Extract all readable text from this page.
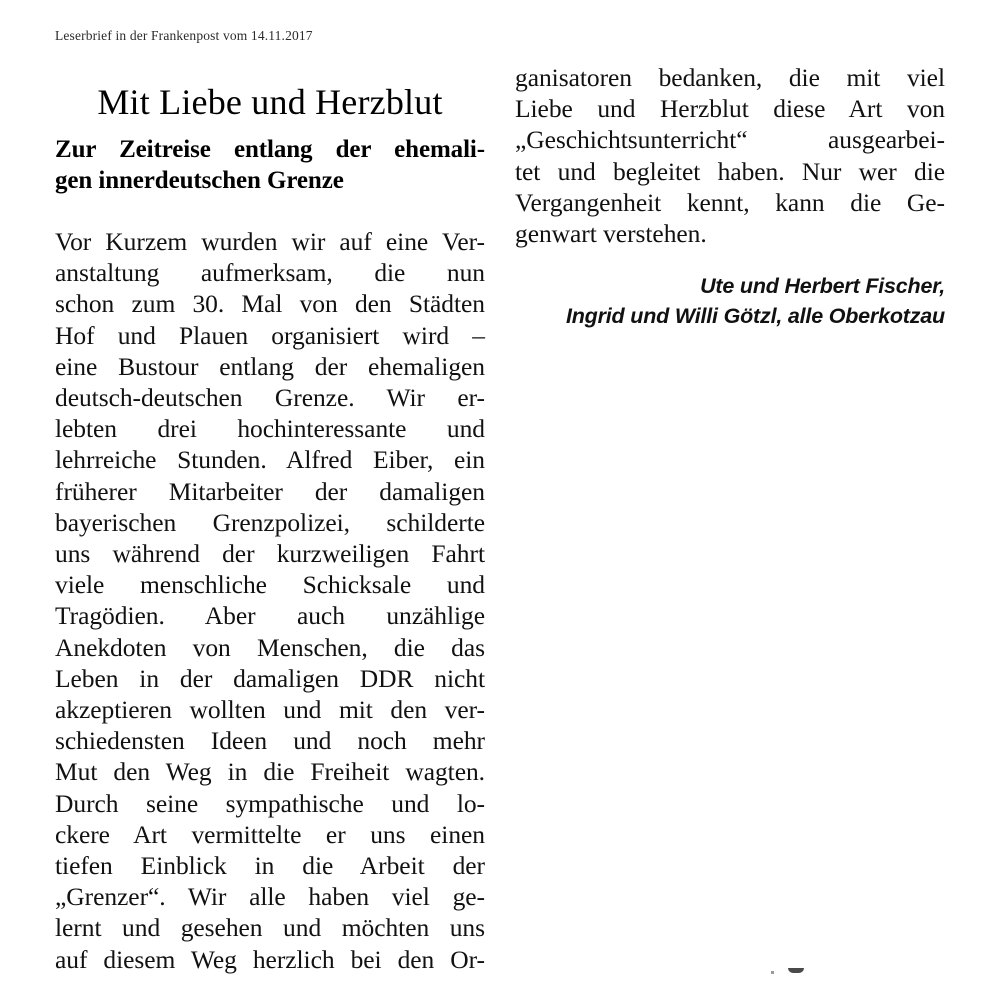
Leserbrief in der Frankenpost vom 14.11.2017
Mit Liebe und Herzblut
Zur Zeitreise entlang der ehemali-
gen innerdeutschen Grenze

Vor Kurzem wurden wir auf eine Ver-
anstaltung aufmerksam, die nun
schon zum 30. Mal von den Städten
Hof und Plauen organisiert wird –
eine Bustour entlang der ehemaligen
deutsch-deutschen Grenze. Wir er-
lebten drei hochinteressante und
lehrreiche Stunden. Alfred Eiber, ein
früherer Mitarbeiter der damaligen
bayerischen Grenzpolizei, schilderte
uns während der kurzweiligen Fahrt
viele menschliche Schicksale und
Tragödien. Aber auch unzählige
Anekdoten von Menschen, die das
Leben in der damaligen DDR nicht
akzeptieren wollten und mit den ver-
schiedensten Ideen und noch mehr
Mut den Weg in die Freiheit wagten.
Durch seine sympathische und lo-
ckere Art vermittelte er uns einen
tiefen Einblick in die Arbeit der
„Grenzer“. Wir alle haben viel ge-
lernt und gesehen und möchten uns
auf diesem Weg herzlich bei den Or-

ganisatoren bedanken, die mit viel
Liebe und Herzblut diese Art von
„Geschichtsunterricht“ ausgearbei-
tet und begleitet haben. Nur wer die
Vergangenheit kennt, kann die Ge-
genwart verstehen.

Ute und Herbert Fischer,
Ingrid und Willi Götzl, alle Oberkotzau
